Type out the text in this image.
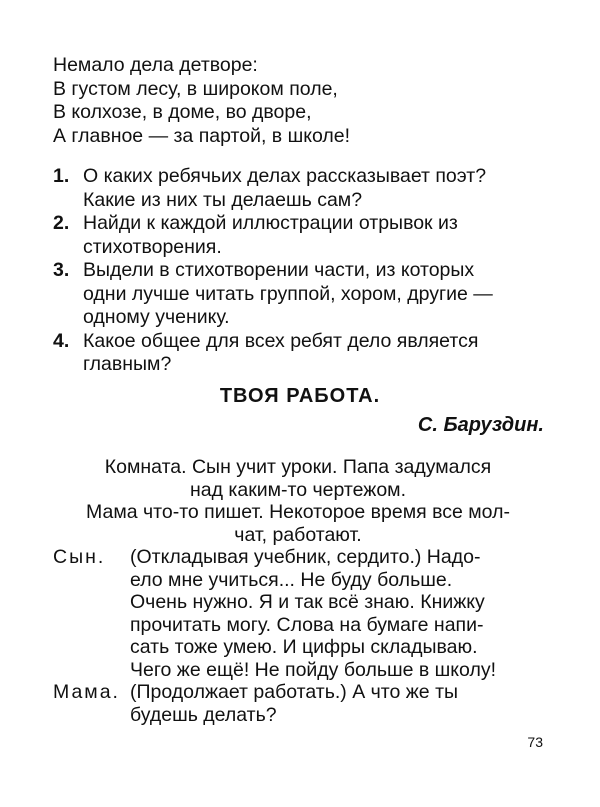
Немало дела детворе:
В густом лесу, в широком поле,
В колхозе, в доме, во дворе,
А главное — за партой, в школе!
1. О каких ребячьих делах рассказывает поэт?
Какие из них ты делаешь сам?
2. Найди к каждой иллюстрации отрывок из
стихотворения.
3. Выдели в стихотворении части, из которых
одни лучше читать группой, хором, другие —
одному ученику.
4. Какое общее для всех ребят дело является
главным?
ТВОЯ РАБОТА.
С. Баруздин.
Комната. Сын учит уроки. Папа задумался
над каким-то чертежом.
Мама что-то пишет. Некоторое время все мол-
чат, работают.
Сын.	(Откладывая учебник, сердито.) Надо-
ело мне учиться... Не буду больше.
Очень нужно. Я и так всё знаю. Книжку
прочитать могу. Слова на бумаге напи-
сать тоже умею. И цифры складываю.
Чего же ещё! Не пойду больше в школу!
Мама. (Продолжает работать.) А что же ты
будешь делать?
73
